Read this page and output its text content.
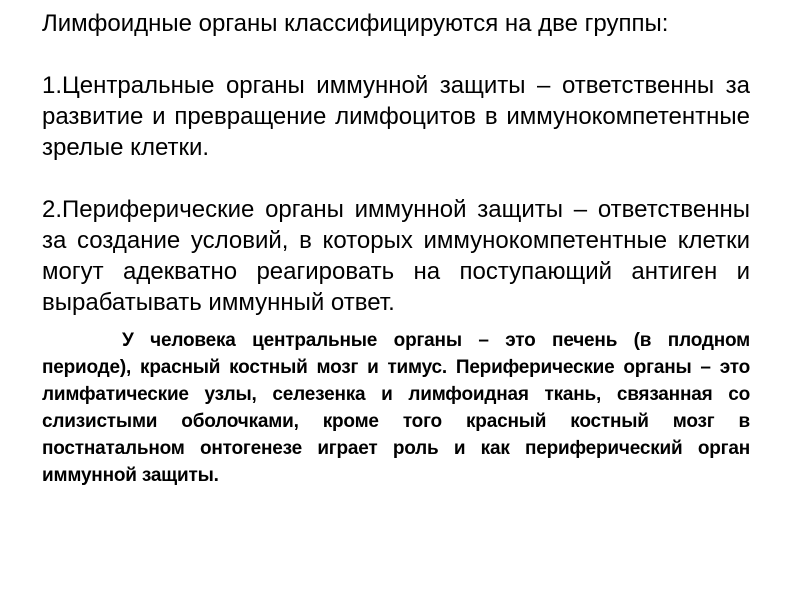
Лимфоидные органы классифицируются на две группы:

1.Центральные органы иммунной защиты – ответственны за развитие и превращение лимфоцитов в иммунокомпетентные зрелые клетки.

2.Периферические органы иммунной защиты – ответственны за создание условий, в которых иммунокомпетентные клетки могут адекватно реагировать на поступающий антиген и вырабатывать иммунный ответ.

У человека центральные органы – это печень (в плодном периоде), красный костный мозг и тимус. Периферические органы – это лимфатические узлы, селезенка и лимфоидная ткань, связанная со слизистыми оболочками, кроме того красный костный мозг в постнатальном онтогенезе играет роль и как периферический орган иммунной защиты.
